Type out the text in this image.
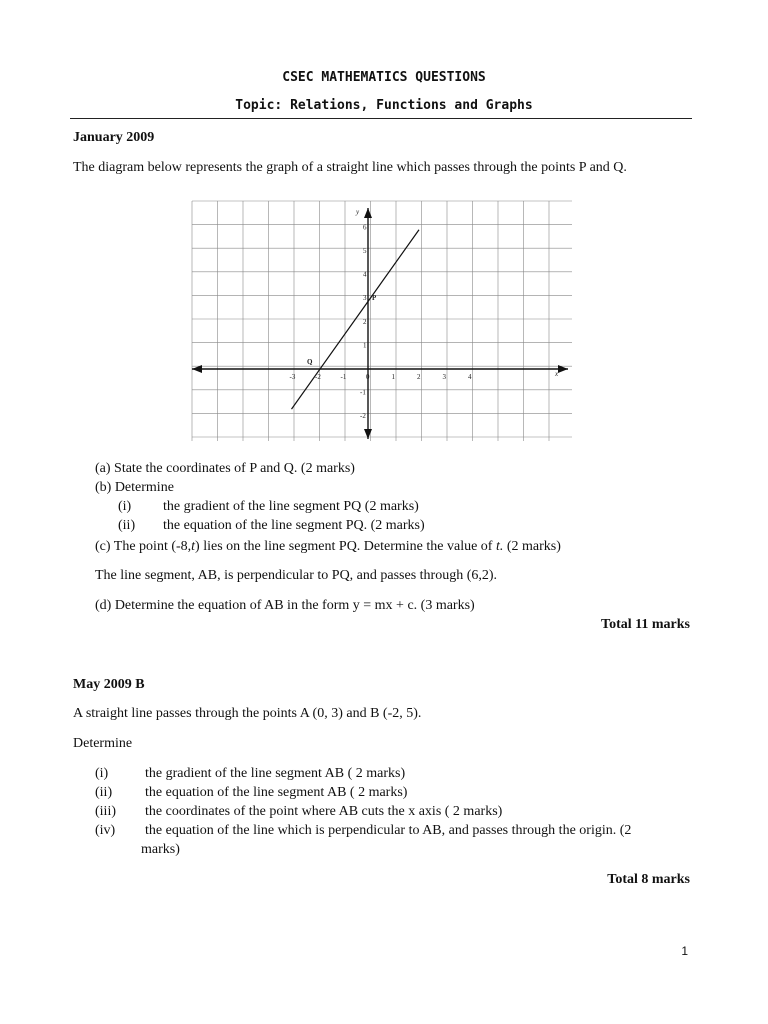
CSEC MATHEMATICS QUESTIONS
Topic: Relations, Functions and Graphs
January 2009
The diagram below represents the graph of a straight line which passes through the points P and Q.
-3	-2	-1	0	1	2	3	4
6
5
4
3
2
1
-1
-2
x
y
P
Q
(a) State the coordinates of P and Q. (2 marks)
(b) Determine
(i) the gradient of the line segment PQ (2 marks)
(ii) the equation of the line segment PQ. (2 marks)
(c) The point (-8,t) lies on the line segment PQ. Determine the value of t. (2 marks)
The line segment, AB, is perpendicular to PQ, and passes through (6,2).
(d) Determine the equation of AB in the form y = mx + c. (3 marks)
Total 11 marks
May 2009 B
A straight line passes through the points A (0, 3) and B (-2, 5).
Determine
(i)	the gradient of the line segment AB ( 2 marks)
(ii) the equation of the line segment AB ( 2 marks)
(iii) the coordinates of the point where AB cuts the x axis ( 2 marks)
(iv) the equation of the line which is perpendicular to AB, and passes through the origin. (2
marks)
Total 8 marks
1
